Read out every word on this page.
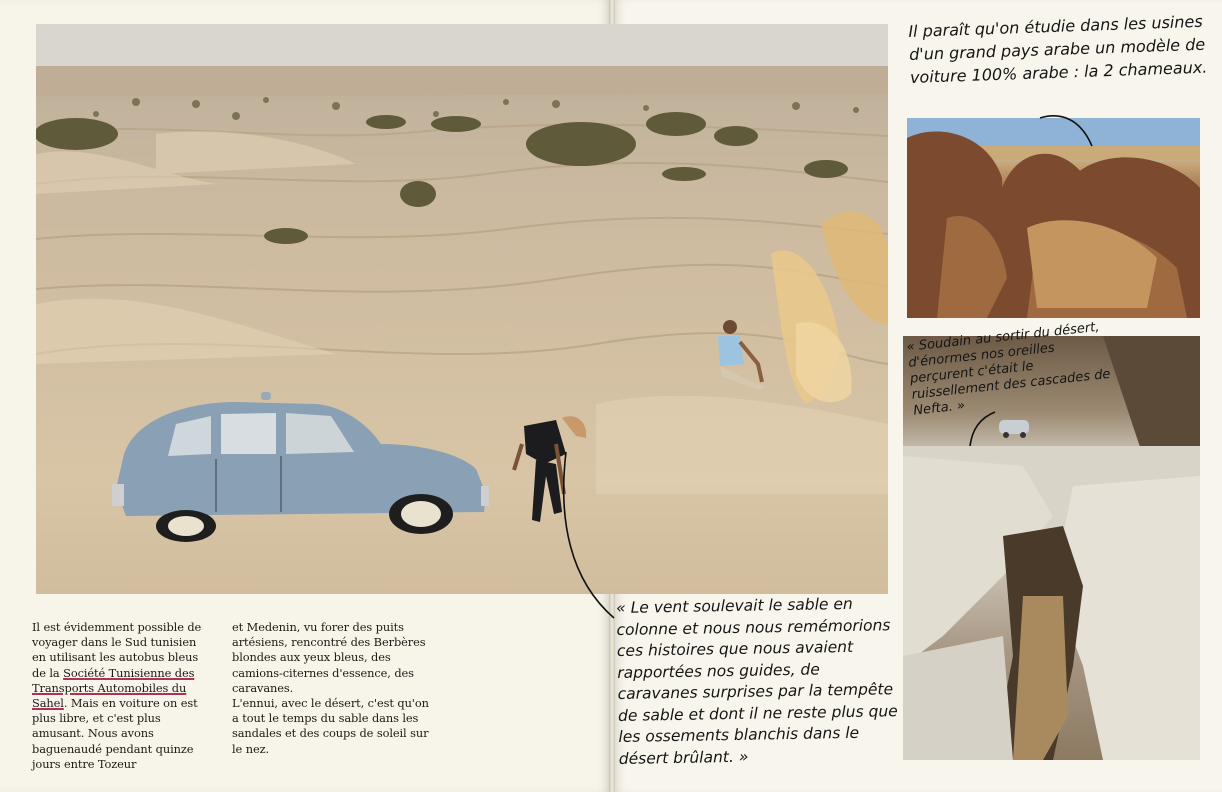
Il paraît qu'on étudie dans les usines d'un grand pays arabe un modèle de voiture 100% arabe : la 2 chameaux.
« Soudain au sortir du désert, d'énormes nos oreilles perçurent c'était le ruissellement des cascades de Nefta. »
« Le vent soulevait le sable en colonne et nous nous remémorions ces histoires que nous avaient rapportées nos guides, de caravanes surprises par la tempête de sable et dont il ne reste plus que les ossements blanchis dans le désert brûlant. »

Il est évidemment possible de voyager dans le Sud tunisien en utilisant les autobus bleus de la Société Tunisienne des Transports Automobiles du Sahel. Mais en voiture on est plus libre, et c'est plus amusant. Nous avons baguenaudé pendant quinze jours entre Tozeur

et Medenin, vu forer des puits artésiens, rencontré des Berbères blondes aux yeux bleus, des camions-citernes d'essence, des caravanes.

L'ennui, avec le désert, c'est qu'on a tout le temps du sable dans les sandales et des coups de soleil sur le nez.
